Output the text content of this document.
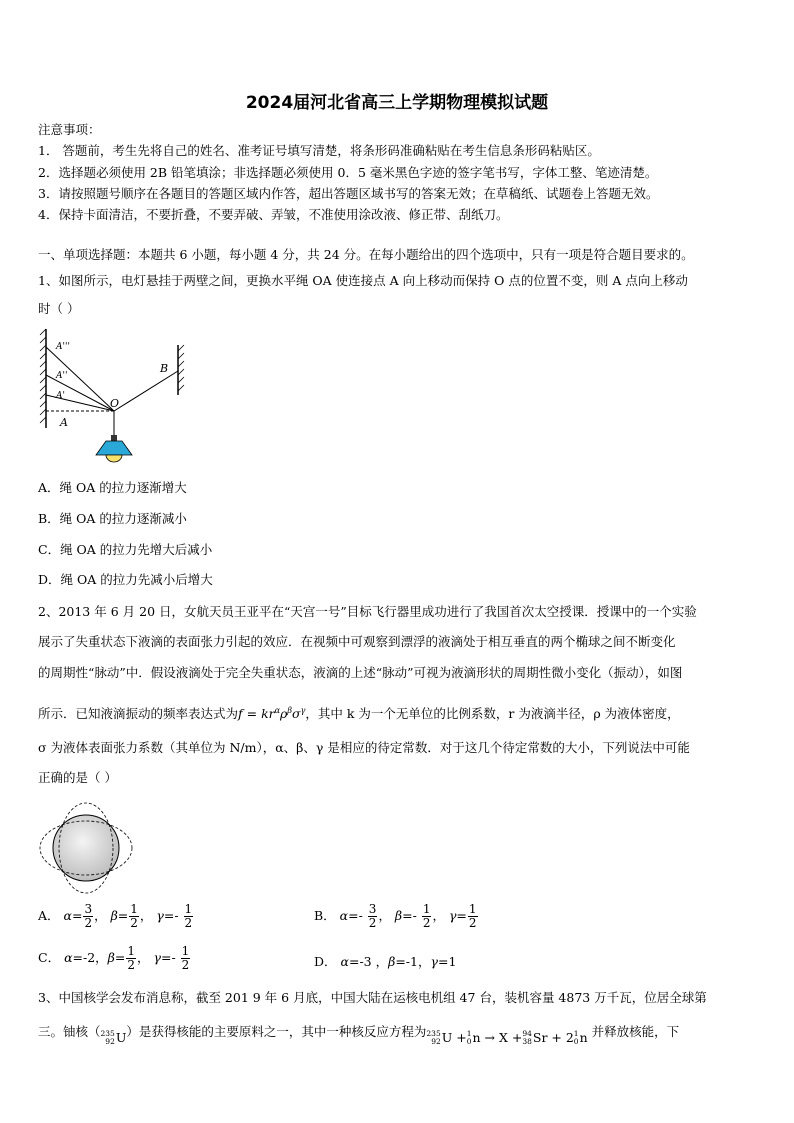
2024届河北省高三上学期物理模拟试题
注意事项：
1． 答题前，考生先将自己的姓名、准考证号填写清楚，将条形码准确粘贴在考生信息条形码粘贴区。
2．选择题必须使用 2B 铅笔填涂；非选择题必须使用 0．5 毫米黑色字迹的签字笔书写，字体工整、笔迹清楚。
3．请按照题号顺序在各题目的答题区域内作答，超出答题区域书写的答案无效；在草稿纸、试题卷上答题无效。
4．保持卡面清洁，不要折叠，不要弄破、弄皱，不准使用涂改液、修正带、刮纸刀。
一、单项选择题：本题共 6 小题，每小题 4 分，共 24 分。在每小题给出的四个选项中，只有一项是符合题目要求的。
1、如图所示，电灯悬挂于两壁之间，更换水平绳 OA 使连接点 A 向上移动而保持 O 点的位置不变，则 A 点向上移动
时（ ）
A'''
A''
A'
O
A
B
A．绳 OA 的拉力逐渐增大
B．绳 OA 的拉力逐渐减小
C．绳 OA 的拉力先增大后减小
D．绳 OA 的拉力先减小后增大
2、2013 年 6 月 20 日，女航天员王亚平在“天宫一号”目标飞行器里成功进行了我国首次太空授课．授课中的一个实验
展示了失重状态下液滴的表面张力引起的效应．在视频中可观察到漂浮的液滴处于相互垂直的两个椭球之间不断变化
的周期性“脉动”中．假设液滴处于完全失重状态，液滴的上述“脉动”可视为液滴形状的周期性微小变化（振动），如图
所示．已知液滴振动的频率表达式为$f = kr^\alpha\rho^\beta\sigma^\gamma$，其中 k 为一个无单位的比例系数，r 为液滴半径，ρ 为液体密度，
σ 为液体表面张力系数（其单位为 N/m），α、β、γ 是相应的待定常数．对于这几个待定常数的大小，下列说法中可能
正确的是（ ）
A． $\alpha= \frac{3}{2}$ ， $\beta= \frac{1}{2}$ ， $\gamma=- \frac{1}{2}$	B． $\alpha=- \frac{3}{2}$ ， $\beta=- \frac{1}{2}$ ， $\gamma= \frac{1}{2}$
C． α=-2，$\beta= \frac{1}{2}$ ， $\gamma=- \frac{1}{2}$	D． α=-3 ，β=-1，γ=1
3、中国核学会发布消息称，截至 201 9 年 6 月底，中国大陆在运核电机组 47 台，装机容量 4873 万千瓦，位居全球第
三。铀核（ 235
92 U）是获得核能的主要原料之一，其中一种核反应方程为 235
92 U + 1
0 n → X + 94
38 Sr + 2 1
0 n 并释放核能，下
